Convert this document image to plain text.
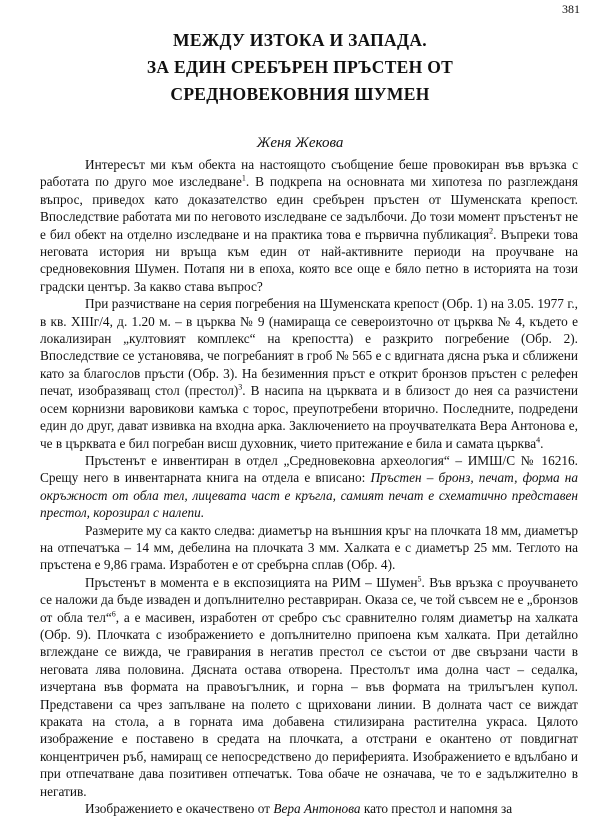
381
МЕЖДУ ИЗТОКА И ЗАПАДА.
ЗА ЕДИН СРЕБЪРЕН ПРЪСТЕН ОТ
СРЕДНОВЕКОВНИЯ ШУМЕН
Женя Жекова

Интересът ми към обекта на настоящото съобщение беше провокиран във връзка с работата по друго мое изследване$^1$. В подкрепа на основната ми хипотеза по разглежданя въпрос, приведох като доказателство един сребърен пръстен от Шуменската крепост. Впоследствие работата ми по неговото изследване се задълбочи. До този момент пръстенът не е бил обект на отделно изследване и на практика това е първична публикация$^2$. Въпреки това неговата история ни връща към един от най-активните периоди на проучване на средновековния Шумен. Потапя ни в епоха, която все още е бяло петно в историята на този градски център. За какво става въпрос?

При разчистване на серия погребения на Шуменската крепост (Обр. 1) на 3.05. 1977 г., в кв. XIIIг/4, д. 1.20 м. – в църква № 9 (намираща се североизточно от църква № 4, където е локализиран „култовият комплекс“ на крепостта) е разкрито погребение (Обр. 2). Впоследствие се установява, че погребаният в гроб № 565 е с вдигната дясна ръка и сближени като за благослов пръсти (Обр. 3). На безименния пръст е открит бронзов пръстен с релефен печат, изобразяващ стол (престол)$^3$. В насипа на църквата и в близост до нея са разчистени осем корнизни варовикови камъка с торос, преупотребени вторично. Последните, подредени един до друг, дават извивка на входна арка. Заключението на проучвателката Вера Антонова е, че в църквата е бил погребан висш духовник, чието притежание е била и самата църква$^4$.

Пръстенът е инвентиран в отдел „Средновековна археология“ – ИМШ/С № 16216. Срещу него в инвентарната книга на отдела е вписано: Пръстен – бронз, печат, форма на окръжност от обла тел, лицевата част е кръгла, самият печат е схематично представен престол, корозирал с налепи.

Размерите му са както следва: диаметър на външния кръг на плочката 18 мм, диаметър на отпечатъка – 14 мм, дебелина на плочката 3 мм. Халката е с диаметър 25 мм. Теглото на пръстена е 9,86 грама. Изработен е от сребърна сплав (Обр. 4).

Пръстенът в момента е в експозицията на РИМ – Шумен$^5$. Във връзка с проучването се наложи да бъде изваден и допълнително реставриран. Оказа се, че той съвсем не е „бронзов от обла тел“$^6$, а е масивен, изработен от сребро със сравнително голям диаметър на халката (Обр. 9). Плочката с изображението е допълнително припоена към халката. При детайлно вглеждане се вижда, че гравирания в негатив престол се състои от две свързани части в неговата лява половина. Дясната остава отворена. Престолът има долна част – седалка, изчертана във формата на правоъгълник, и горна – във формата на трилъгълен купол. Представени са чрез запълване на полето с щриховани линии. В долната част се виждат краката на стола, а в горната има добавена стилизирана растителна украса. Цялото изображение е поставено в средата на плочката, а отстрани е окантено от повдигнат концентричен ръб, намиращ се непосредствено до периферията. Изображението е вдълбано и при отпечатване дава позитивен отпечатък. Това обаче не означава, че то е задължително в негатив.

Изображението е окачествено от Вера Антонова като престол и напомня за
